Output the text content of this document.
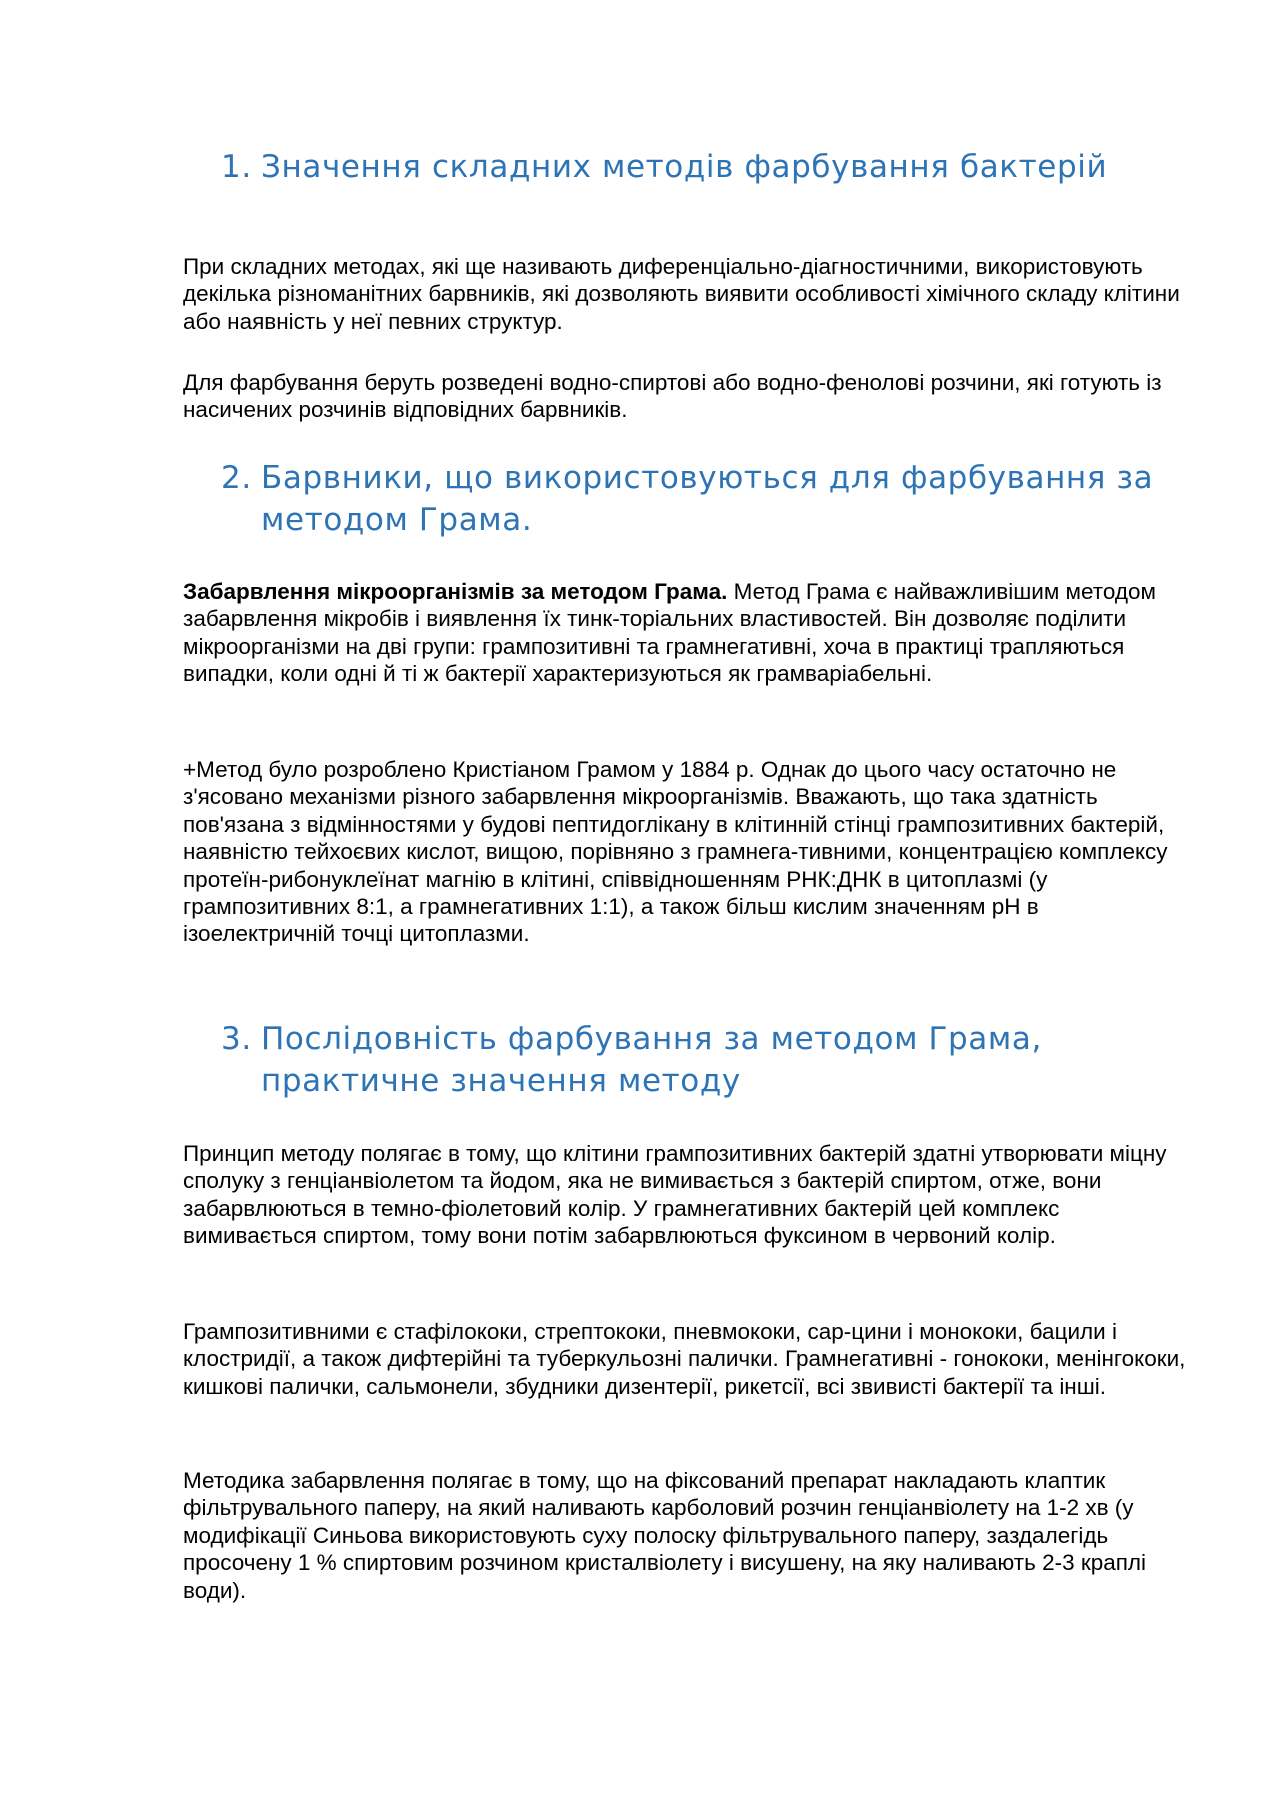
1. Значення складних методів фарбування бактерій

При складних методах, які ще називають диференціально-діагностичними, використовують декілька різноманітних барвників, які дозволяють виявити особливості хімічного складу клітини або наявність у неї певних структур.

Для фарбування беруть розведені водно-спиртові або водно-фенолові розчини, які готують із насичених розчинів відповідних барвників.

2. Барвники, що використовуються для фарбування за методом Грама.

Забарвлення мікроорганізмів за методом Грама. Метод Грама є найважливішим методом забарвлення мікробів і виявлення їх тинк-торіальних властивостей. Він дозволяє поділити мікроорганізми на дві групи: грампозитивні та грамнегативні, хоча в практиці трапляються випадки, коли одні й ті ж бактерії характеризуються як грамваріабельні.

+Метод було розроблено Кристіаном Грамом у 1884 р. Однак до цього часу остаточно не з'ясовано механізми різного забарвлення мікроорганізмів. Вважають, що така здатність пов'язана з відмінностями у будові пептидоглікану в клітинній стінці грампозитивних бактерій, наявністю тейхоєвих кислот, вищою, порівняно з грамнега-тивними, концентрацією комплексу протеїн-рибонуклеїнат магнію в клітині, співвідношенням РНК:ДНК в цитоплазмі (у грампозитивних 8:1, а грамнегативних 1:1), а також більш кислим значенням pH в ізоелектричній точці цитоплазми.

3. Послідовність фарбування за методом Грама, практичне значення методу

Принцип методу полягає в тому, що клітини грампозитивних бактерій здатні утворювати міцну сполуку з генціанвіолетом та йодом, яка не вимивається з бактерій спиртом, отже, вони забарвлюються в темно-фіолетовий колір. У грамнегативних бактерій цей комплекс вимивається спиртом, тому вони потім забарвлюються фуксином в червоний колір.

Грампозитивними є стафілококи, стрептококи, пневмококи, сар-цини і монококи, бацили і клостридії, а також дифтерійні та туберкульозні палички. Грамнегативні - гонококи, менінгококи, кишкові палички, сальмонели, збудники дизентерії, рикетсії, всі звивисті бактерії та інші.

Методика забарвлення полягає в тому, що на фіксований препарат накладають клаптик фільтрувального паперу, на який наливають карболовий розчин генціанвіолету на 1-2 хв (у модифікації Синьова використовують суху полоску фільтрувального паперу, заздалегідь просочену 1 % спиртовим розчином кристалвіолету і висушену, на яку наливають 2-3 краплі води).
